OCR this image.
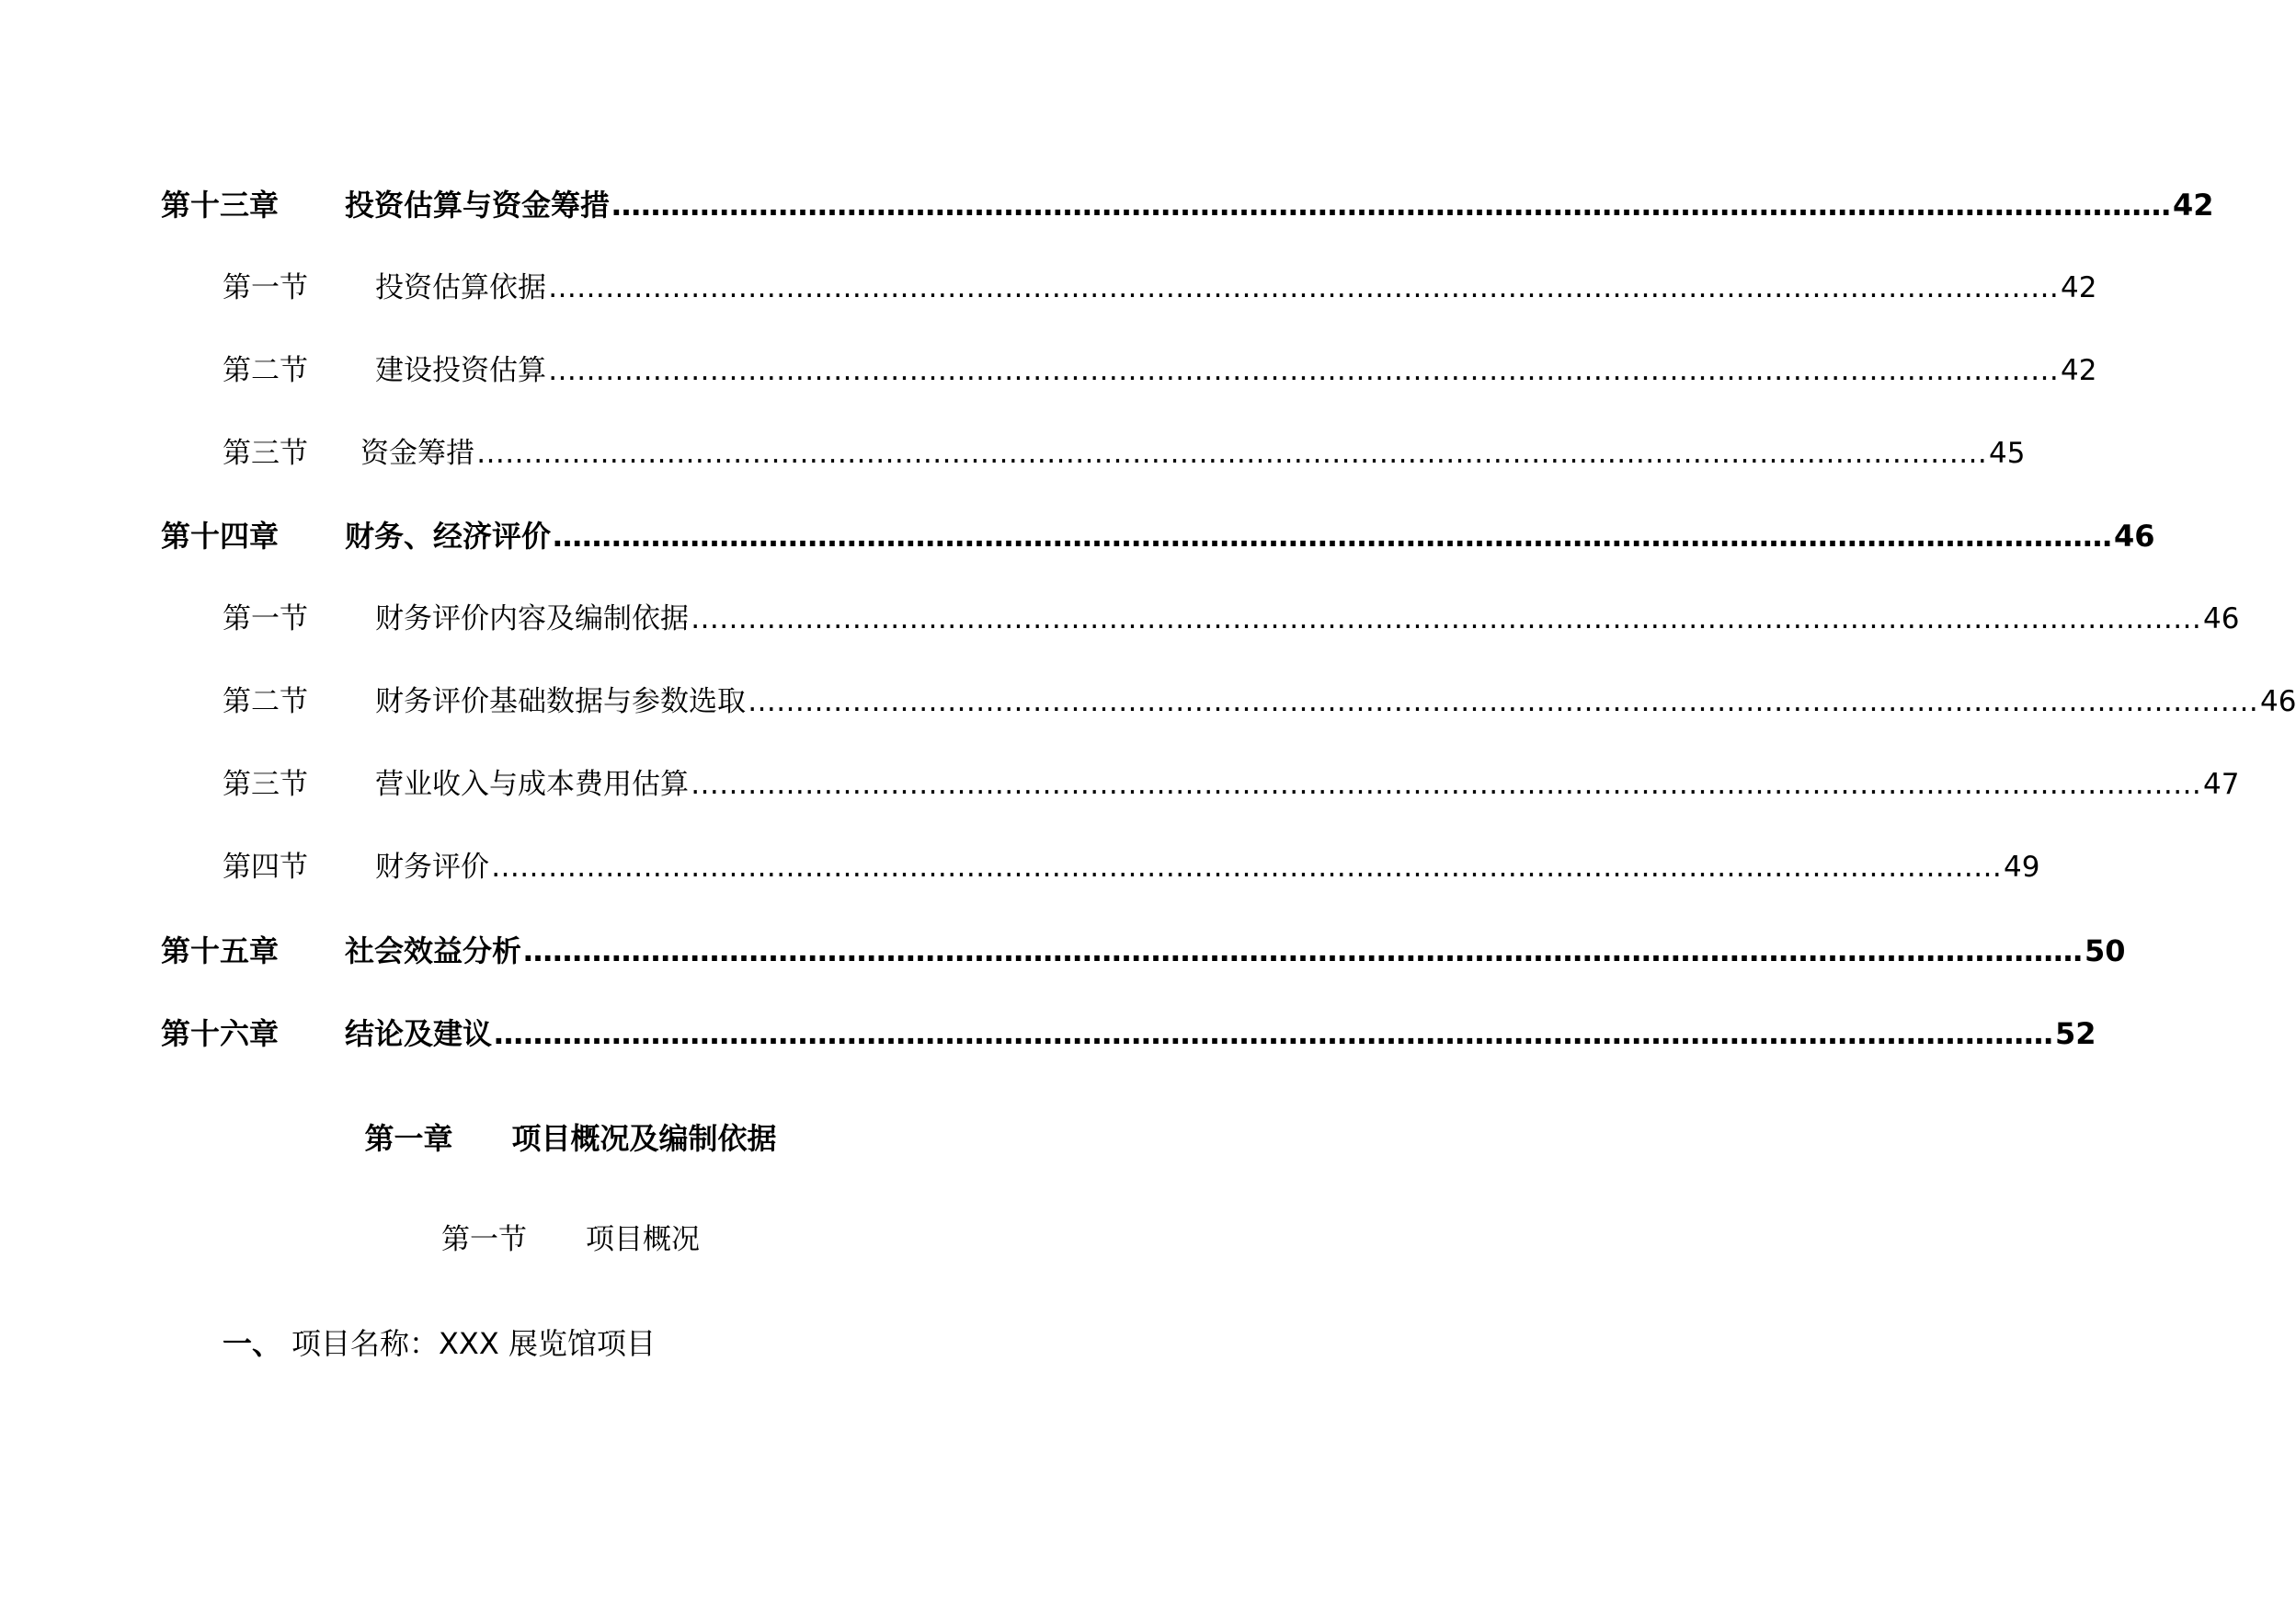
第十三章 投资估算与资金筹措 …………………………………………………………………………………………………………………………………………… 42
第一节 投资估算依据 …………………………………………………………………………………………………………………………………………… 42
第二节 建设投资估算 …………………………………………………………………………………………………………………………………………… 42
第三节 资金筹措 …………………………………………………………………………………………………………………………………………… 45
第十四章 财务、经济评价 …………………………………………………………………………………………………………………………………………… 46
第一节 财务评价内容及编制依据 …………………………………………………………………………………………………………………………………………… 46
第二节 财务评价基础数据与参数选取 …………………………………………………………………………………………………………………………………………… 46
第三节 营业收入与成本费用估算 …………………………………………………………………………………………………………………………………………… 47
第四节 财务评价 …………………………………………………………………………………………………………………………………………… 49
第十五章 社会效益分析 …………………………………………………………………………………………………………………………………………… 50
第十六章 结论及建议 …………………………………………………………………………………………………………………………………………… 52
第一章 项目概况及编制依据
第一节 项目概况
一、 项目名称：XXX 展览馆项目
